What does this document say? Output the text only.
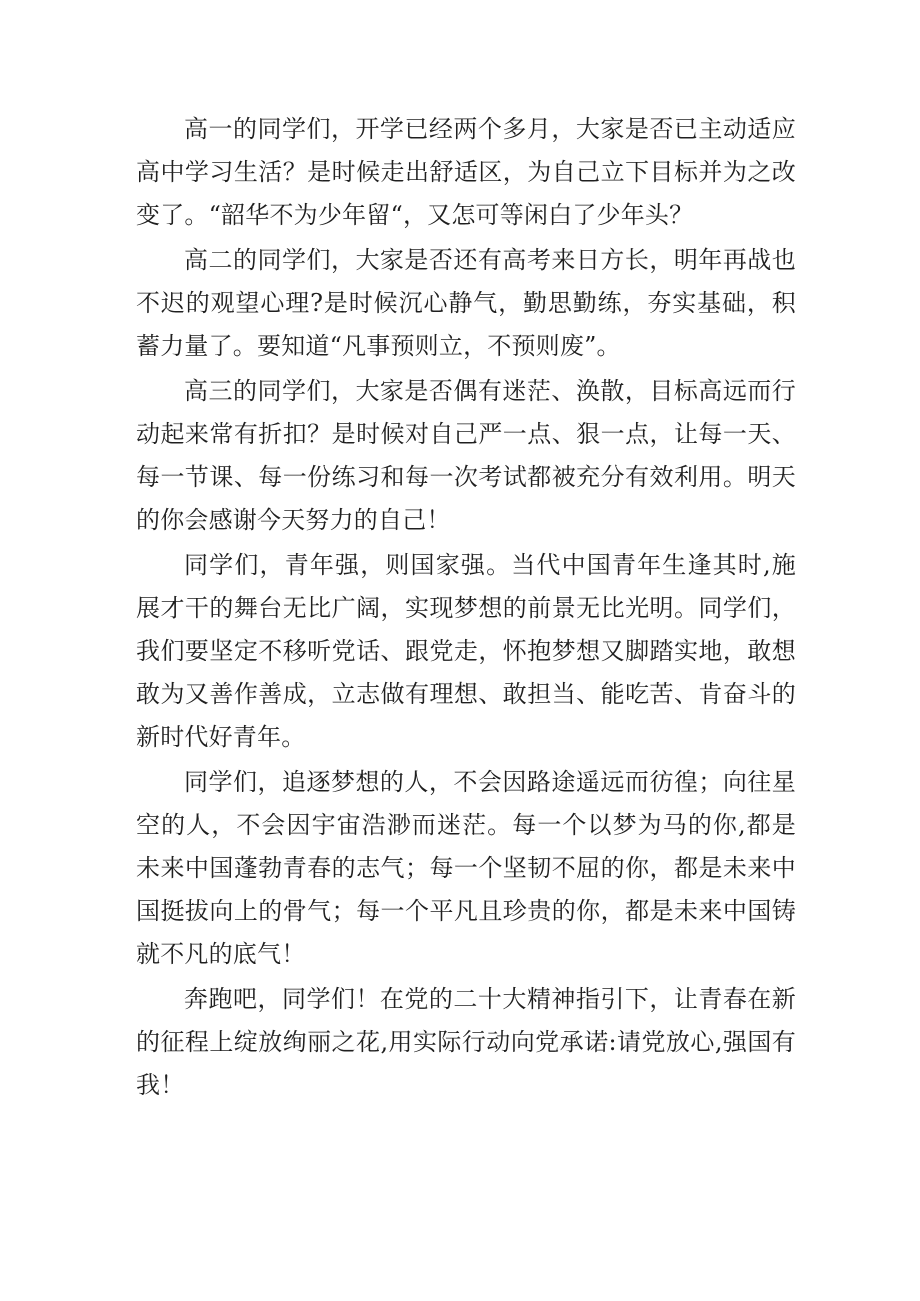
高一的同学们，开学已经两个多月，大家是否已主动适应高中学习生活？是时候走出舒适区，为自己立下目标并为之改变了。“韶华不为少年留“，又怎可等闲白了少年头？

高二的同学们，大家是否还有高考来日方长，明年再战也不迟的观望心理?是时候沉心静气，勤思勤练，夯实基础，积蓄力量了。要知道“凡事预则立，不预则废”。

高三的同学们，大家是否偶有迷茫、涣散，目标高远而行动起来常有折扣？是时候对自己严一点、狠一点，让每一天、每一节课、每一份练习和每一次考试都被充分有效利用。明天的你会感谢今天努力的自己！

同学们，青年强，则国家强。当代中国青年生逢其时,施展才干的舞台无比广阔，实现梦想的前景无比光明。同学们，我们要坚定不移听党话、跟党走，怀抱梦想又脚踏实地，敢想敢为又善作善成，立志做有理想、敢担当、能吃苦、肯奋斗的新时代好青年。

同学们，追逐梦想的人，不会因路途遥远而彷徨；向往星空的人，不会因宇宙浩渺而迷茫。每一个以梦为马的你,都是未来中国蓬勃青春的志气；每一个坚韧不屈的你，都是未来中国挺拔向上的骨气；每一个平凡且珍贵的你，都是未来中国铸就不凡的底气！

奔跑吧，同学们！在党的二十大精神指引下，让青春在新的征程上绽放绚丽之花,用实际行动向党承诺:请党放心,强国有我！
